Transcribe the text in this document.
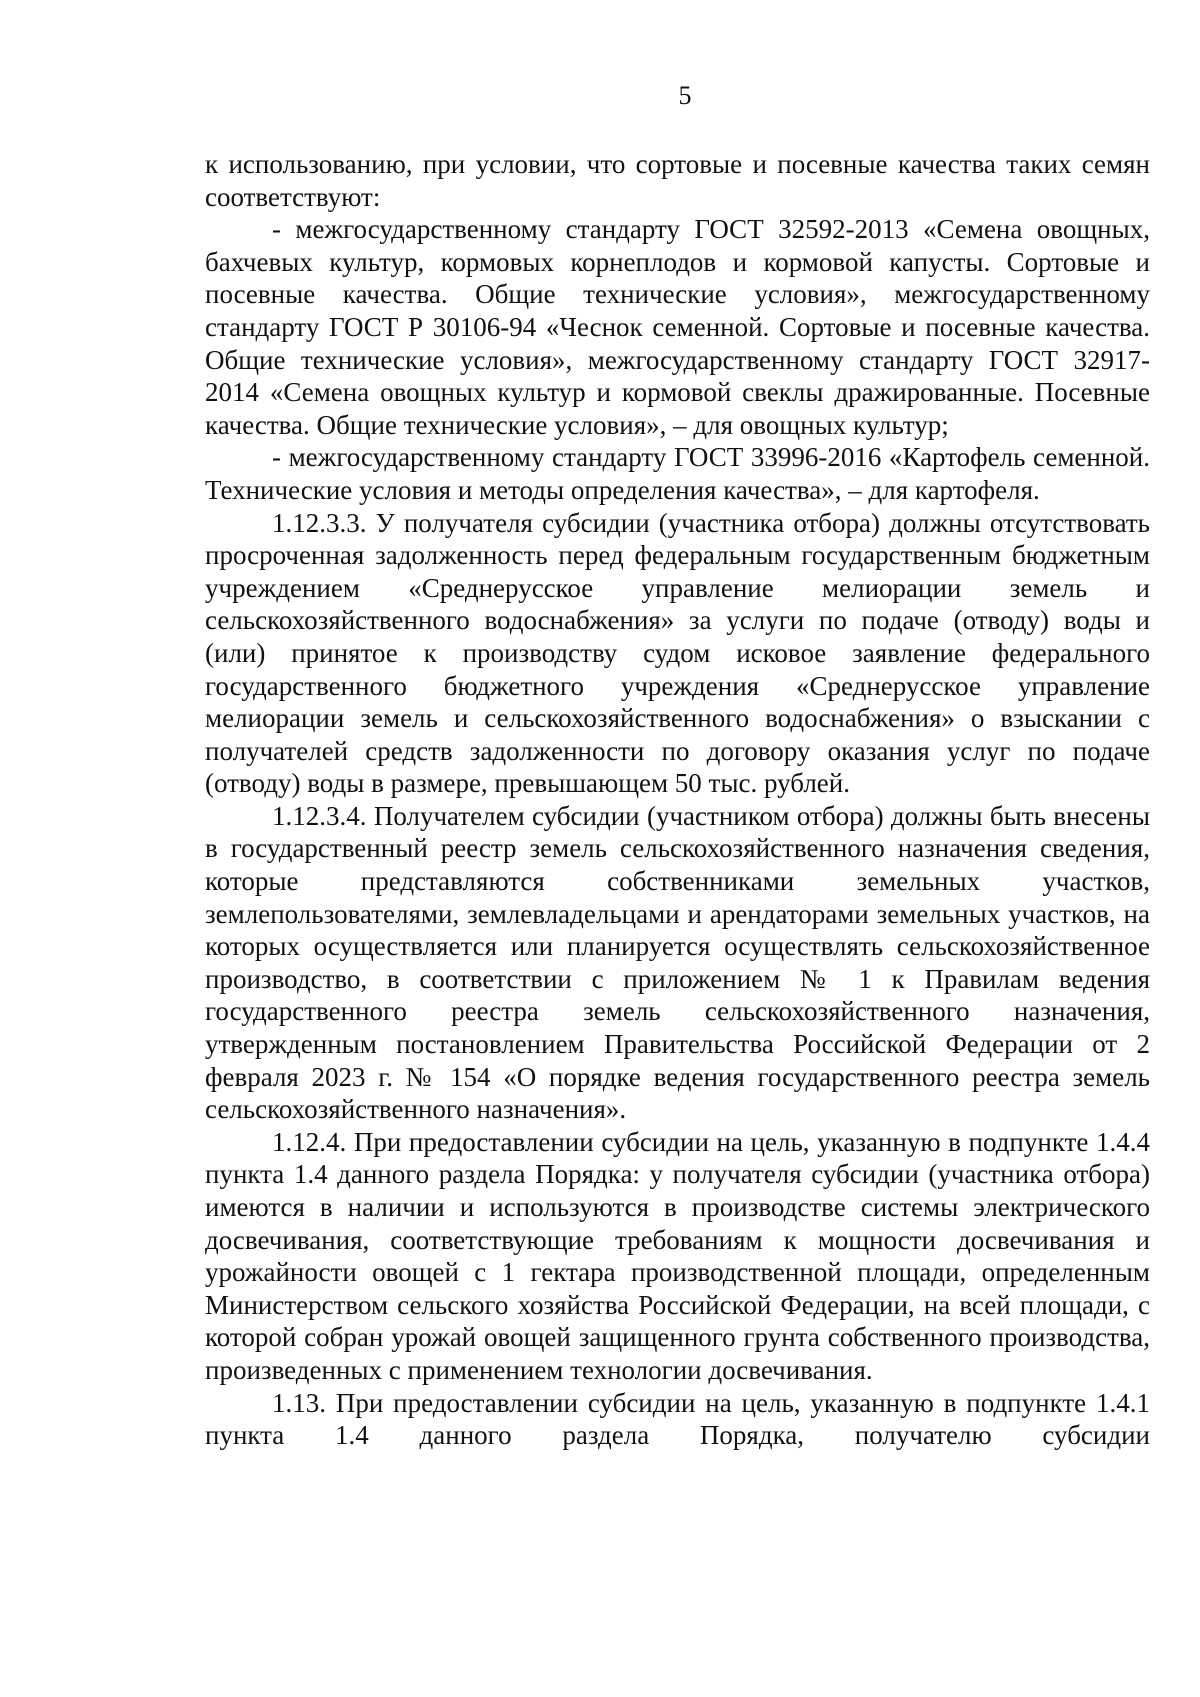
5

к использованию, при условии, что сортовые и посевные качества таких семян соответствуют:

- межгосударственному стандарту ГОСТ 32592-2013 «Семена овощных, бахчевых культур, кормовых корнеплодов и кормовой капусты. Сортовые и посевные качества. Общие технические условия», межгосударственному стандарту ГОСТ Р 30106-94 «Чеснок семенной. Сортовые и посевные качества. Общие технические условия», межгосударственному стандарту ГОСТ 32917-2014 «Семена овощных культур и кормовой свеклы дражированные. Посевные качества. Общие технические условия», – для овощных культур;

- межгосударственному стандарту ГОСТ 33996-2016 «Картофель семенной. Технические условия и методы определения качества», – для картофеля.

1.12.3.3. У получателя субсидии (участника отбора) должны отсутствовать просроченная задолженность перед федеральным государственным бюджетным учреждением «Среднерусское управление мелиорации земель и сельскохозяйственного водоснабжения» за услуги по подаче (отводу) воды и (или) принятое к производству судом исковое заявление федерального государственного бюджетного учреждения «Среднерусское управление мелиорации земель и сельскохозяйственного водоснабжения» о взыскании с получателей средств задолженности по договору оказания услуг по подаче (отводу) воды в размере, превышающем 50 тыс. рублей.

1.12.3.4. Получателем субсидии (участником отбора) должны быть внесены в государственный реестр земель сельскохозяйственного назначения сведения, которые представляются собственниками земельных участков, землепользователями, землевладельцами и арендаторами земельных участков, на которых осуществляется или планируется осуществлять сельскохозяйственное производство, в соответствии с приложением № 1 к Правилам ведения государственного реестра земель сельскохозяйственного назначения, утвержденным постановлением Правительства Российской Федерации от 2 февраля 2023 г. № 154 «О порядке ведения государственного реестра земель сельскохозяйственного назначения».

1.12.4. При предоставлении субсидии на цель, указанную в подпункте 1.4.4 пункта 1.4 данного раздела Порядка: у получателя субсидии (участника отбора) имеются в наличии и используются в производстве системы электрического досвечивания, соответствующие требованиям к мощности досвечивания и урожайности овощей с 1 гектара производственной площади, определенным Министерством сельского хозяйства Российской Федерации, на всей площади, с которой собран урожай овощей защищенного грунта собственного производства, произведенных с применением технологии досвечивания.

1.13. При предоставлении субсидии на цель, указанную в подпункте 1.4.1 пункта 1.4 данного раздела Порядка, получателю субсидии
